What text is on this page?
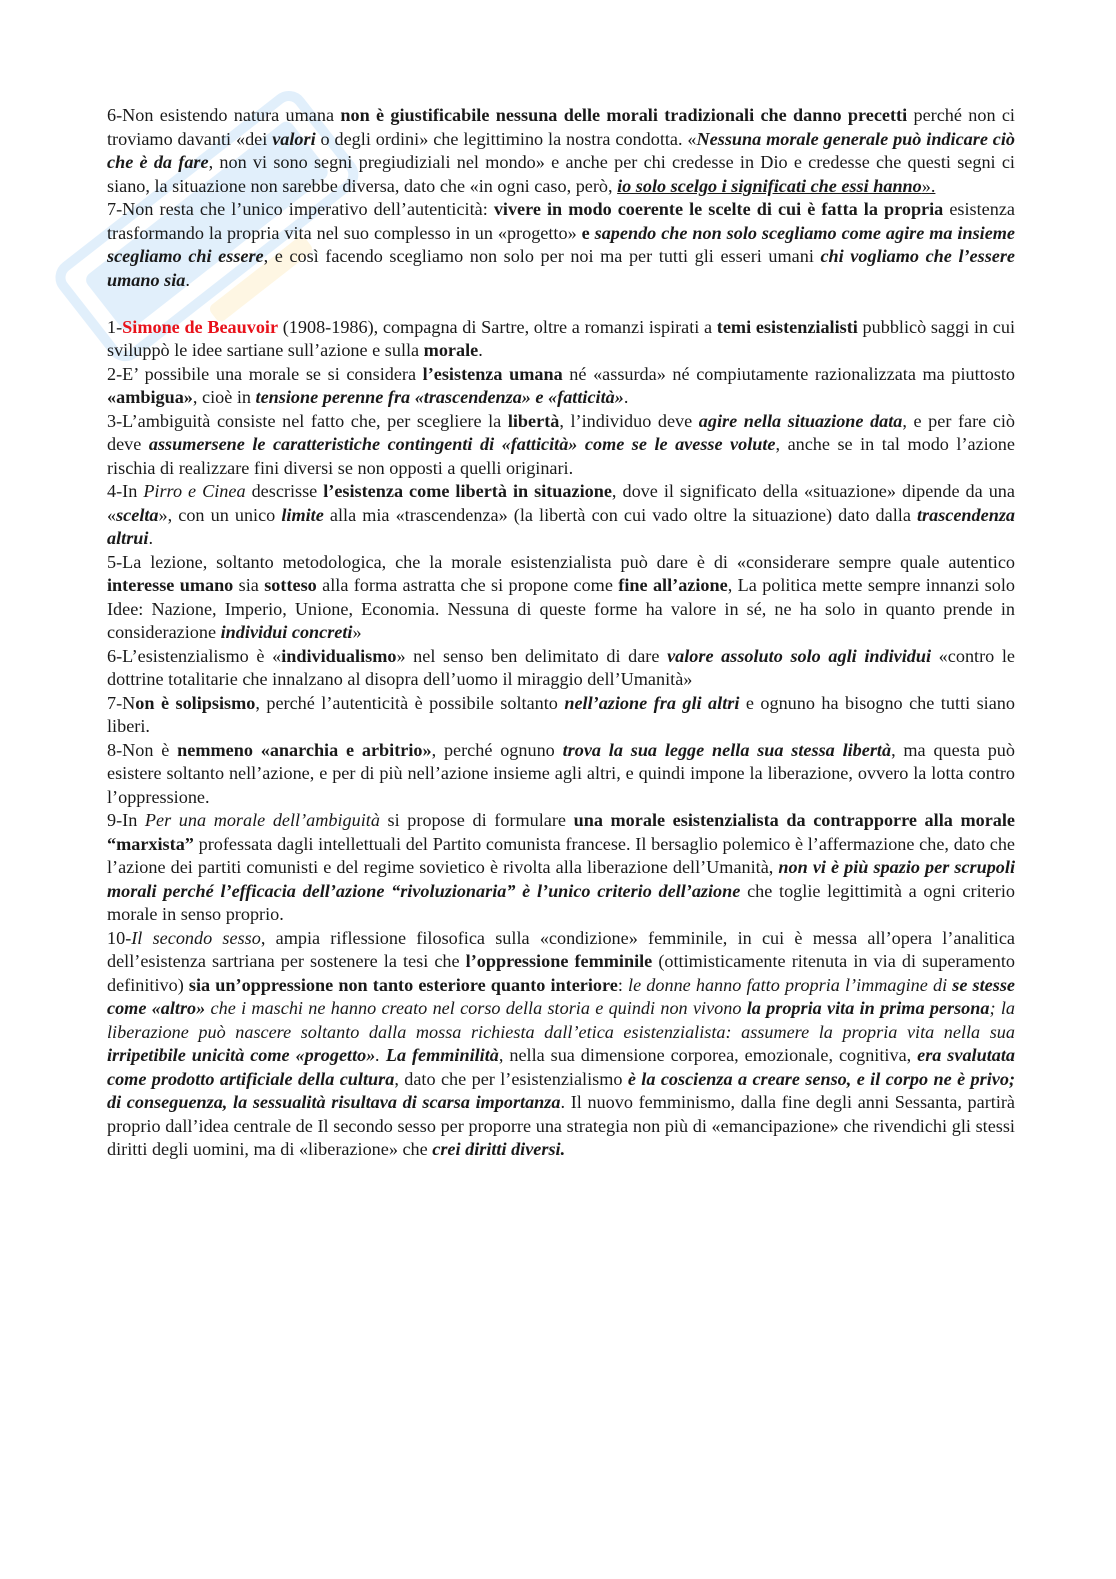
6-Non esistendo natura umana non è giustificabile nessuna delle morali tradizionali che danno precetti perché non ci troviamo davanti «dei valori o degli ordini» che legittimino la nostra condotta. «Nessuna morale generale può indicare ciò che è da fare, non vi sono segni pregiudiziali nel mondo» e anche per chi credesse in Dio e credesse che questi segni ci siano, la situazione non sarebbe diversa, dato che «in ogni caso, però, io solo scelgo i significati che essi hanno».

7-Non resta che l’unico imperativo dell’autenticità: vivere in modo coerente le scelte di cui è fatta la propria esistenza trasformando la propria vita nel suo complesso in un «progetto» e sapendo che non solo scegliamo come agire ma insieme scegliamo chi essere, e così facendo scegliamo non solo per noi ma per tutti gli esseri umani chi vogliamo che l’essere umano sia.

1-Simone de Beauvoir (1908-1986), compagna di Sartre, oltre a romanzi ispirati a temi esistenzialisti pubblicò saggi in cui sviluppò le idee sartiane sull’azione e sulla morale.

2-E’ possibile una morale se si considera l’esistenza umana né «assurda» né compiutamente razionalizzata ma piuttosto «ambigua», cioè in tensione perenne fra «trascendenza» e «fatticità».

3-L’ambiguità consiste nel fatto che, per scegliere la libertà, l’individuo deve agire nella situazione data, e per fare ciò deve assumersene le caratteristiche contingenti di «fatticità» come se le avesse volute, anche se in tal modo l’azione rischia di realizzare fini diversi se non opposti a quelli originari.

4-In Pirro e Cinea descrisse l’esistenza come libertà in situazione, dove il significato della «situazione» dipende da una «scelta», con un unico limite alla mia «trascendenza» (la libertà con cui vado oltre la situazione) dato dalla trascendenza altrui.

5-La lezione, soltanto metodologica, che la morale esistenzialista può dare è di «considerare sempre quale autentico interesse umano sia sotteso alla forma astratta che si propone come fine all’azione, La politica mette sempre innanzi solo Idee: Nazione, Imperio, Unione, Economia. Nessuna di queste forme ha valore in sé, ne ha solo in quanto prende in considerazione individui concreti»

6-L’esistenzialismo è «individualismo» nel senso ben delimitato di dare valore assoluto solo agli individui «contro le dottrine totalitarie che innalzano al disopra dell’uomo il miraggio dell’Umanità»

7-Non è solipsismo, perché l’autenticità è possibile soltanto nell’azione fra gli altri e ognuno ha bisogno che tutti siano liberi.

8-Non è nemmeno «anarchia e arbitrio», perché ognuno trova la sua legge nella sua stessa libertà, ma questa può esistere soltanto nell’azione, e per di più nell’azione insieme agli altri, e quindi impone la liberazione, ovvero la lotta contro l’oppressione.

9-In Per una morale dell’ambiguità si propose di formulare una morale esistenzialista da contrapporre alla morale “marxista” professata dagli intellettuali del Partito comunista francese. Il bersaglio polemico è l’affermazione che, dato che l’azione dei partiti comunisti e del regime sovietico è rivolta alla liberazione dell’Umanità, non vi è più spazio per scrupoli morali perché l’efficacia dell’azione “rivoluzionaria” è l’unico criterio dell’azione che toglie legittimità a ogni criterio morale in senso proprio.

10-Il secondo sesso, ampia riflessione filosofica sulla «condizione» femminile, in cui è messa all’opera l’analitica dell’esistenza sartriana per sostenere la tesi che l’oppressione femminile (ottimisticamente ritenuta in via di superamento definitivo) sia un’oppressione non tanto esteriore quanto interiore: le donne hanno fatto propria l’immagine di se stesse come «altro» che i maschi ne hanno creato nel corso della storia e quindi non vivono la propria vita in prima persona; la liberazione può nascere soltanto dalla mossa richiesta dall’etica esistenzialista: assumere la propria vita nella sua irripetibile unicità come «progetto». La femminilità, nella sua dimensione corporea, emozionale, cognitiva, era svalutata come prodotto artificiale della cultura, dato che per l’esistenzialismo è la coscienza a creare senso, e il corpo ne è privo; di conseguenza, la sessualità risultava di scarsa importanza. Il nuovo femminismo, dalla fine degli anni Sessanta, partirà proprio dall’idea centrale de Il secondo sesso per proporre una strategia non più di «emancipazione» che rivendichi gli stessi diritti degli uomini, ma di «liberazione» che crei diritti diversi.
